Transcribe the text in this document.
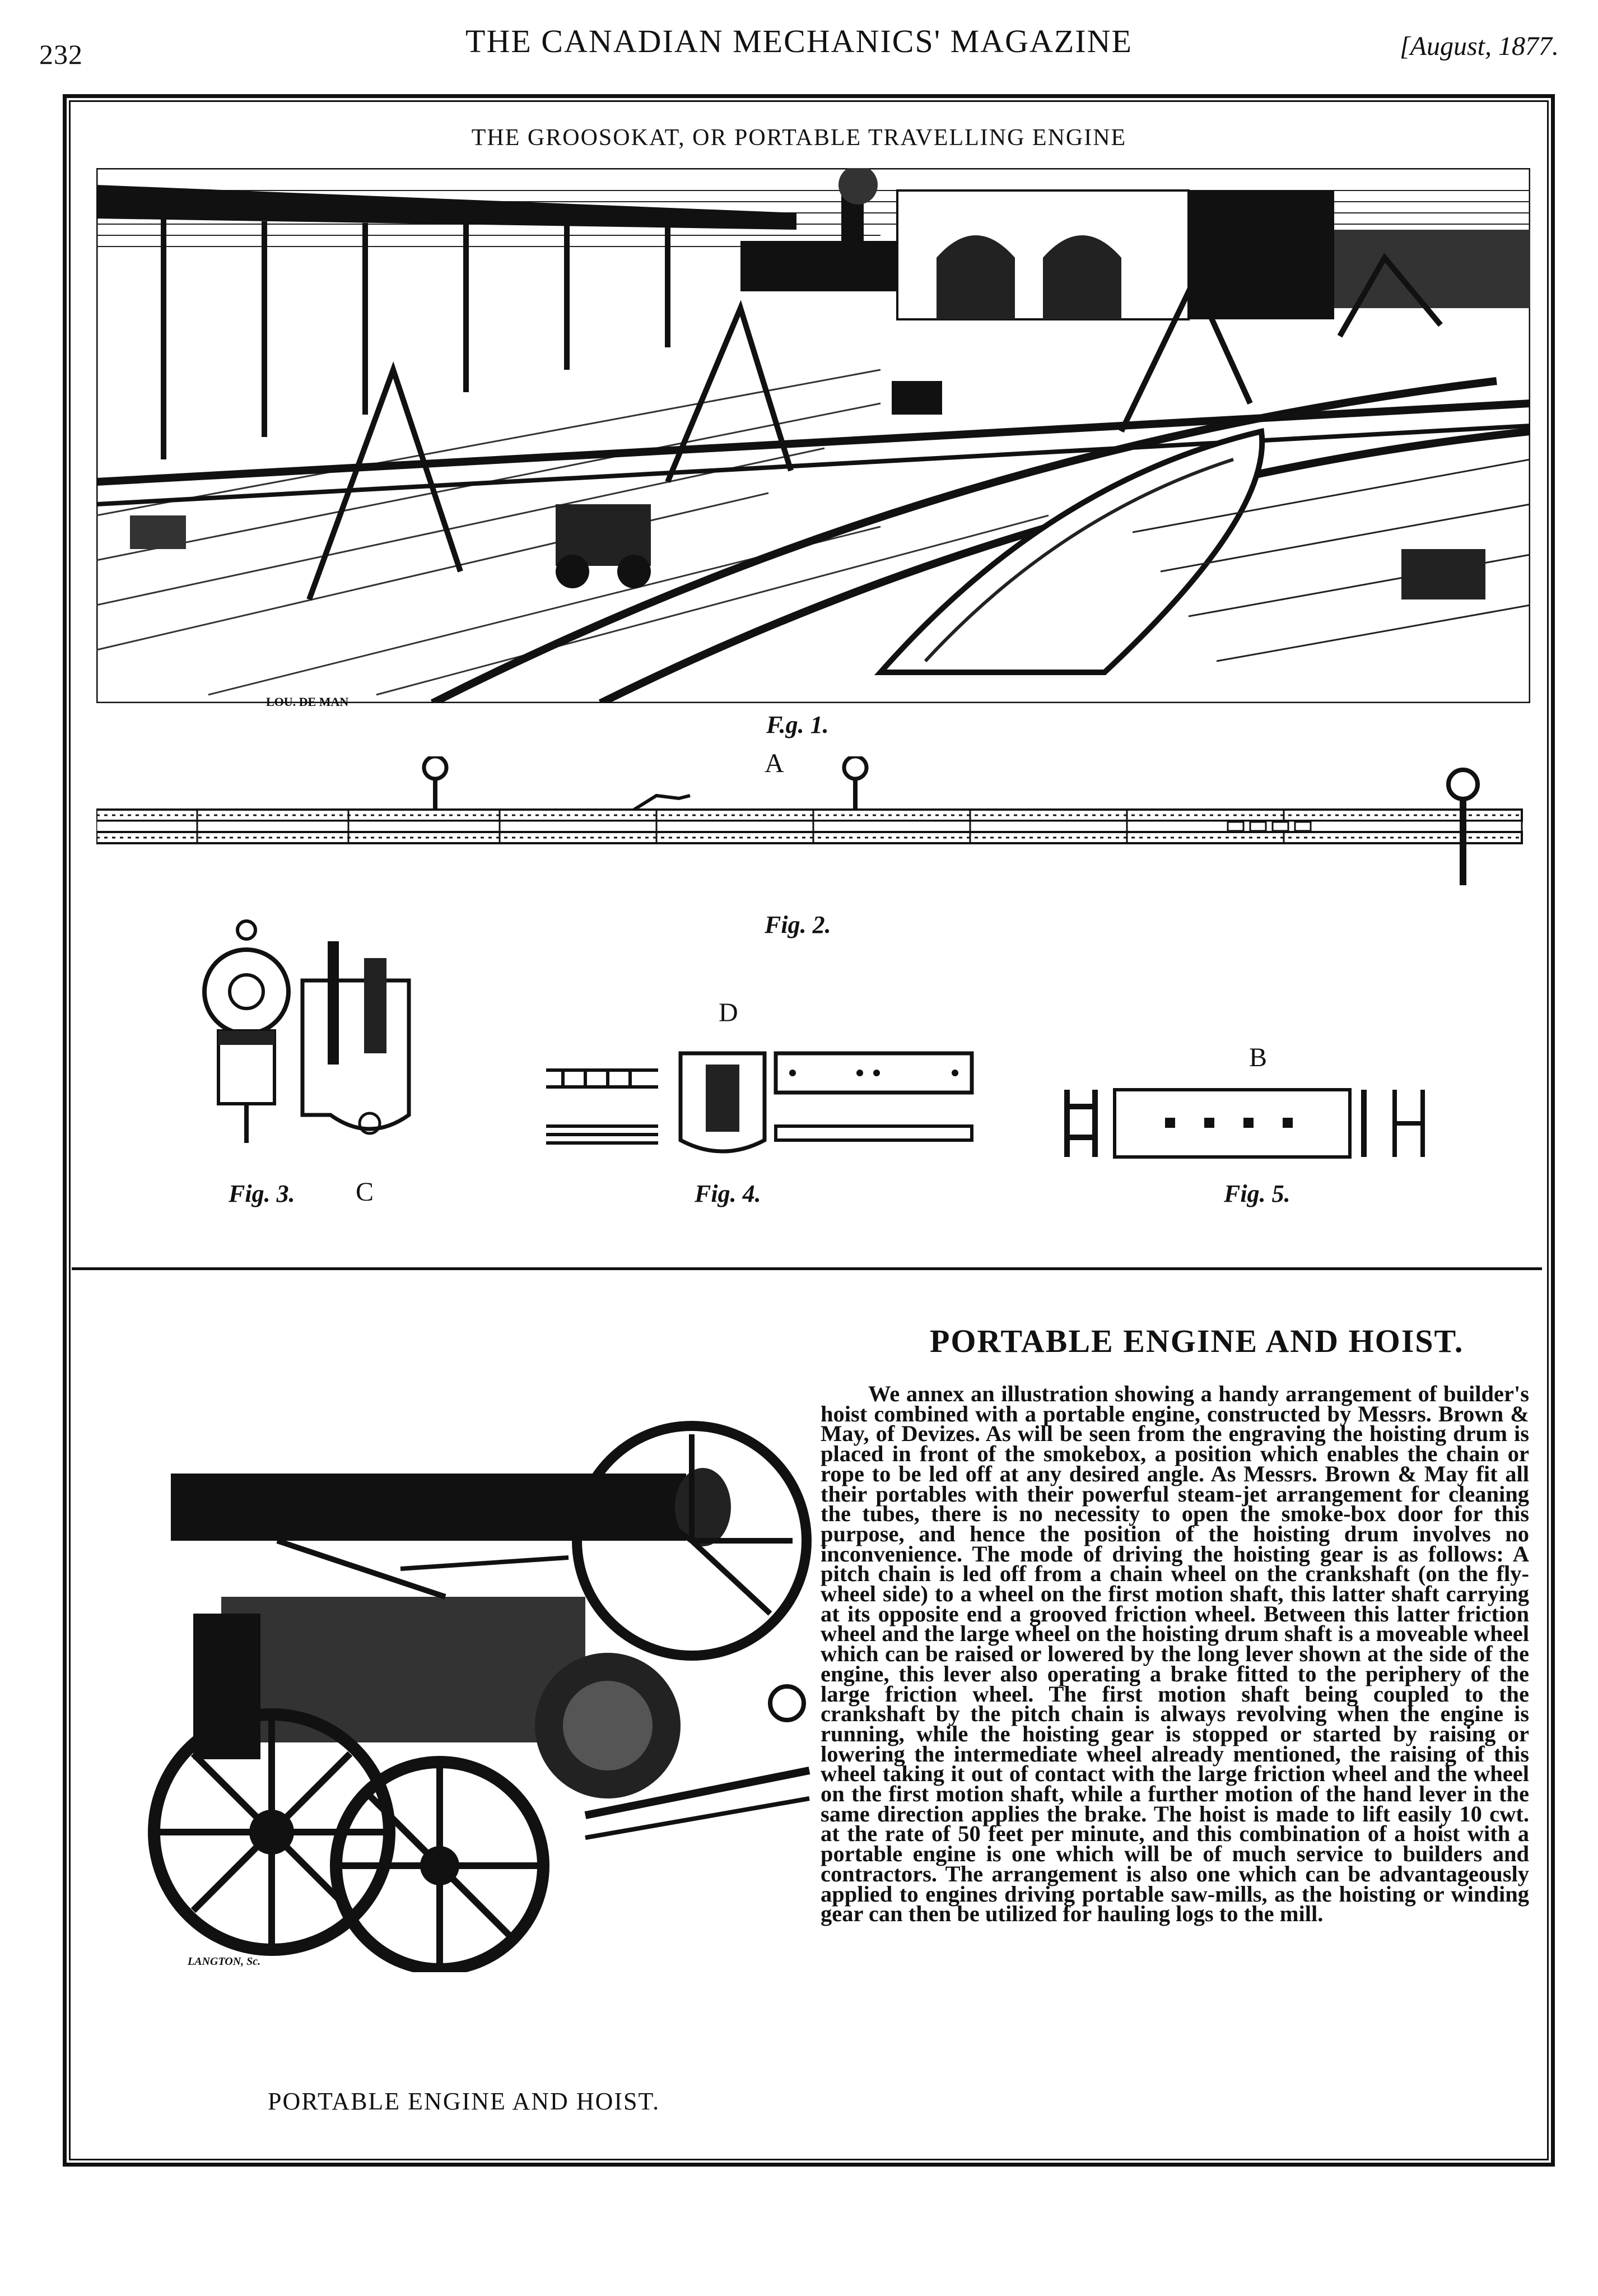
232	THE CANADIAN MECHANICS' MAGAZINE	[August, 1877.
THE GROOSOKAT, OR PORTABLE TRAVELLING ENGINE
LOU. DE MAN
F.g. 1.
A
Fig. 2.
Fig. 3. C
D
Fig. 4.
B
Fig. 5.
LANGTON, Sc.
PORTABLE ENGINE AND HOIST.
PORTABLE ENGINE AND HOIST.

We annex an illustration showing a handy arrangement of builder's hoist combined with a portable engine, constructed by Messrs. Brown & May, of Devizes. As will be seen from the engraving the hoisting drum is placed in front of the smokebox, a position which enables the chain or rope to be led off at any desired angle. As Messrs. Brown & May fit all their portables with their powerful steam-jet arrangement for cleaning the tubes, there is no necessity to open the smoke-box door for this purpose, and hence the position of the hoisting drum involves no inconvenience. The mode of driving the hoisting gear is as follows: A pitch chain is led off from a chain wheel on the crankshaft (on the fly-wheel side) to a wheel on the first motion shaft, this latter shaft carrying at its opposite end a grooved friction wheel. Between this latter friction wheel and the large wheel on the hoisting drum shaft is a moveable wheel which can be raised or lowered by the long lever shown at the side of the engine, this lever also operating a brake fitted to the periphery of the large friction wheel. The first motion shaft being coupled to the crankshaft by the pitch chain is always revolving when the engine is running, while the hoisting gear is stopped or started by raising or lowering the intermediate wheel already mentioned, the raising of this wheel taking it out of contact with the large friction wheel and the wheel on the first motion shaft, while a further motion of the hand lever in the same direction applies the brake. The hoist is made to lift easily 10 cwt. at the rate of 50 feet per minute, and this combination of a hoist with a portable engine is one which will be of much service to builders and contractors. The arrangement is also one which can be advantageously applied to engines driving portable saw-mills, as the hoisting or winding gear can then be utilized for hauling logs to the mill.
